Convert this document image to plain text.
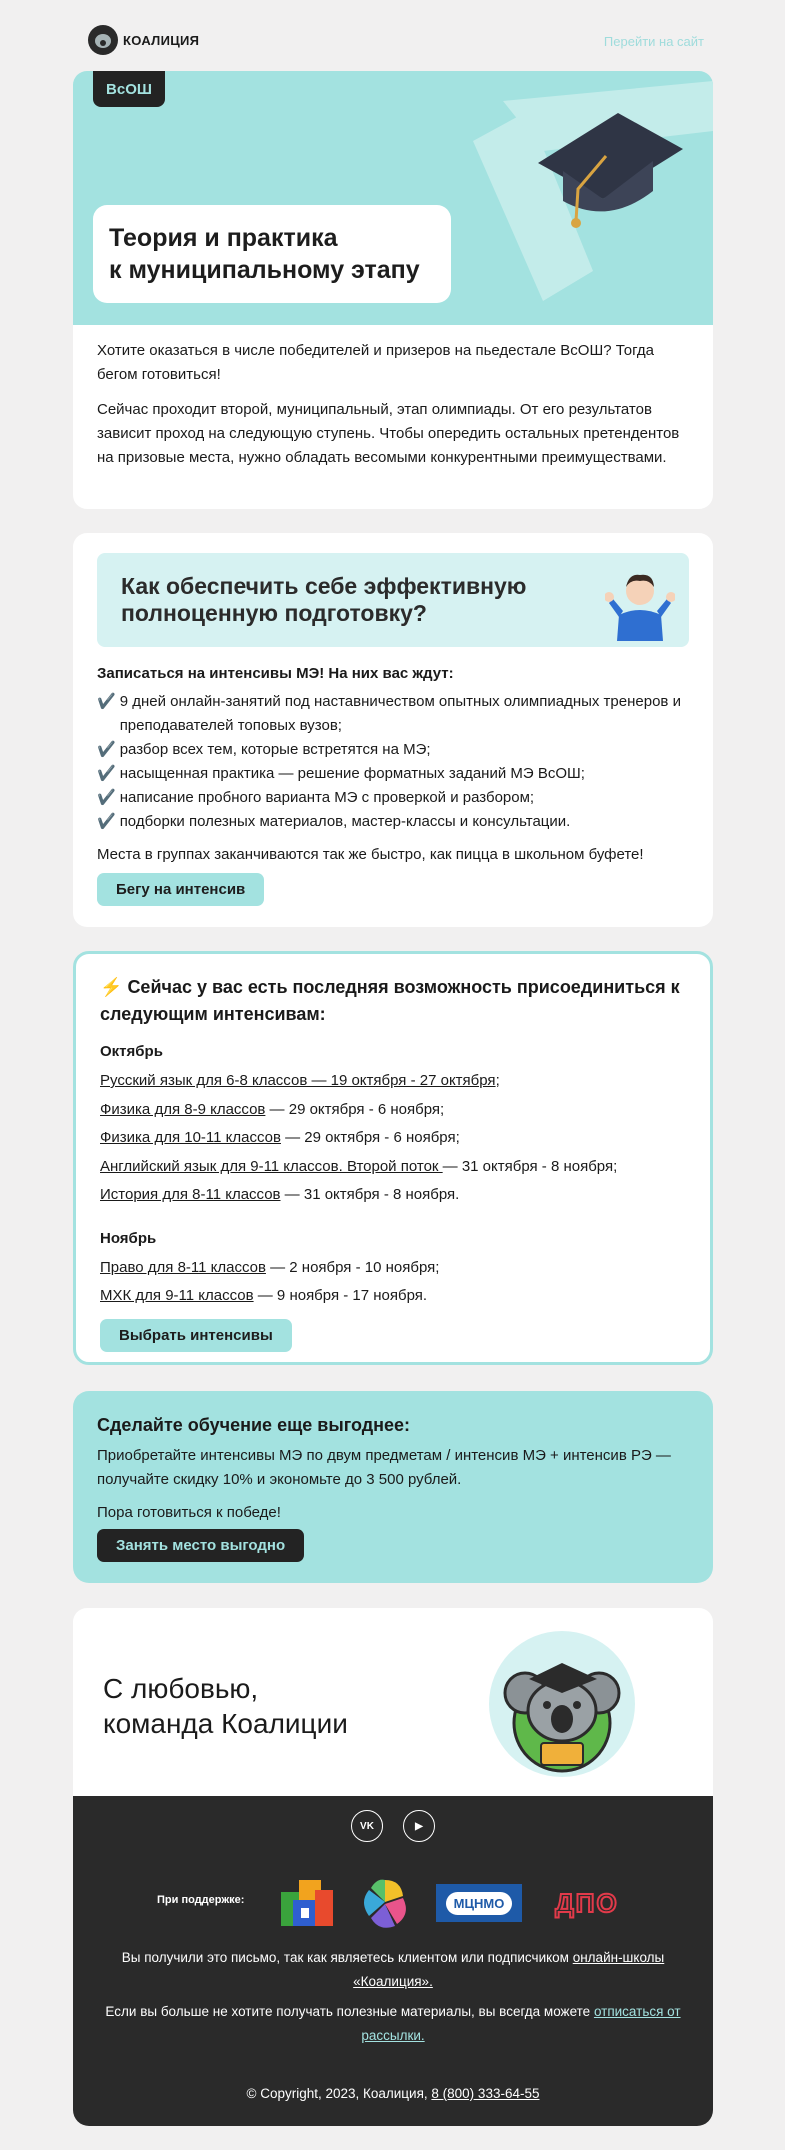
КОАЛИЦИЯ	Перейти на сайт
ВсОШ
Теория и практика
к муниципальному этапу

Хотите оказаться в числе победителей и призеров на пьедестале ВсОШ? Тогда бегом готовиться!

Сейчас проходит второй, муниципальный, этап олимпиады. От его результатов зависит проход на следующую ступень. Чтобы опередить остальных претендентов на призовые места, нужно обладать весомыми конкурентными преимуществами.

Как обеспечить себе эффективную
полноценную подготовку?
Записаться на интенсивы МЭ! На них вас ждут:
✔️ 9 дней онлайн-занятий под наставничеством опытных олимпиадных тренеров и преподавателей топовых вузов;
✔️ разбор всех тем, которые встретятся на МЭ;
✔️ насыщенная практика — решение форматных заданий МЭ ВсОШ;
✔️ написание пробного варианта МЭ с проверкой и разбором;
✔️ подборки полезных материалов, мастер-классы и консультации.
Места в группах заканчиваются так же быстро, как пицца в школьном буфете!
Бегу на интенсив
⚡ Сейчас у вас есть последняя возможность присоединиться к следующим интенсивам:
Октябрь
Русский язык для 6-8 классов — 19 октября - 27 октября;
Физика для 8-9 классов — 29 октября - 6 ноября;
Физика для 10-11 классов — 29 октября - 6 ноября;
Английский язык для 9-11 классов. Второй поток — 31 октября - 8 ноября;
История для 8-11 классов — 31 октября - 8 ноября.
Ноябрь
Право для 8-11 классов — 2 ноября - 10 ноября;
МХК для 9-11 классов — 9 ноября - 17 ноября.
Выбрать интенсивы
Сделайте обучение еще выгоднее:
Приобретайте интенсивы МЭ по двум предметам / интенсив МЭ + интенсив РЭ — получайте скидку 10% и экономьте до 3 500 рублей.
Пора готовиться к победе!
Занять место выгодно
С любовью,
команда Коалиции
VK	▶
При поддержке:	МЦНМО	ДПО
Вы получили это письмо, так как являетесь клиентом или подписчиком онлайн-школы «Коалиция».
Если вы больше не хотите получать полезные материалы, вы всегда можете отписаться от рассылки.
© Copyright, 2023, Коалиция, 8 (800) 333-64-55
